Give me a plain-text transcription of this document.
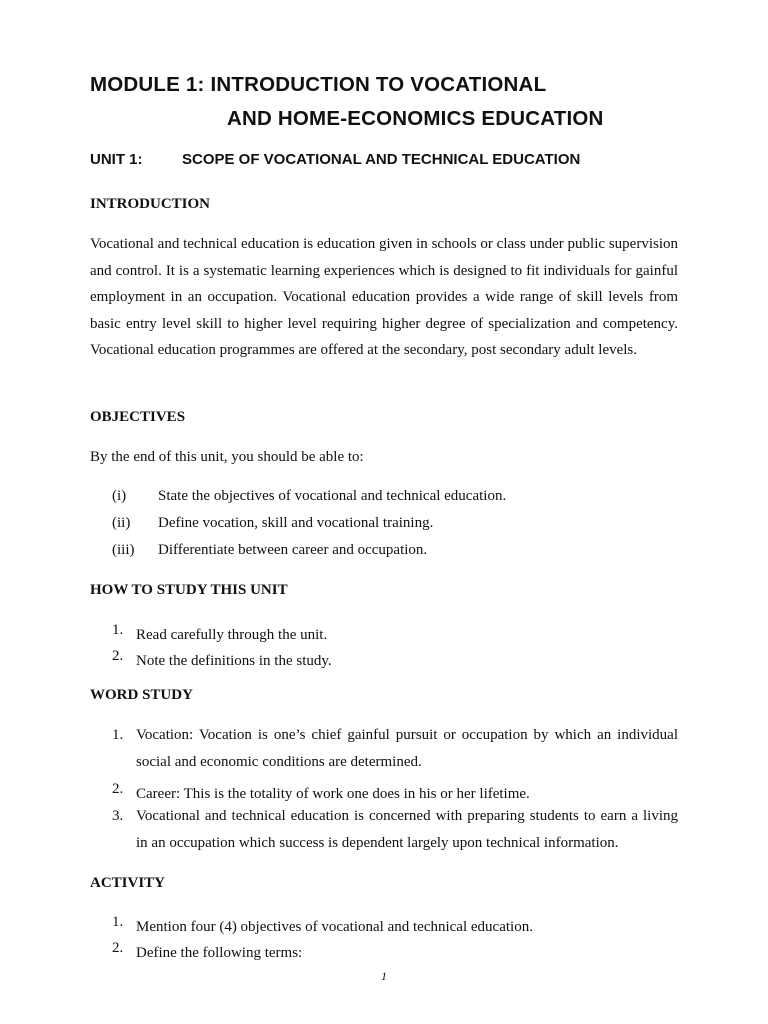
MODULE 1: INTRODUCTION TO VOCATIONAL
AND HOME-ECONOMICS EDUCATION
UNIT 1:	SCOPE OF VOCATIONAL AND TECHNICAL EDUCATION
INTRODUCTION

Vocational and technical education is education given in schools or class under public supervision and control. It is a systematic learning experiences which is designed to fit individuals for gainful employment in an occupation. Vocational education provides a wide range of skill levels from basic entry level skill to higher level requiring higher degree of specialization and competency. Vocational education programmes are offered at the secondary, post secondary adult levels.

OBJECTIVES

By the end of this unit, you should be able to:

(i) State the objectives of vocational and technical education.
(ii) Define vocation, skill and vocational training.
(iii) Differentiate between career and occupation.
HOW TO STUDY THIS UNIT
1. Read carefully through the unit.
2. Note the definitions in the study.
WORD STUDY
1. Vocation: Vocation is one’s chief gainful pursuit or occupation by which an individual social and economic conditions are determined.
2. Career: This is the totality of work one does in his or her lifetime.
3. Vocational and technical education is concerned with preparing students to earn a living in an occupation which success is dependent largely upon technical information.
ACTIVITY
1. Mention four (4) objectives of vocational and technical education.
2. Define the following terms:
1
